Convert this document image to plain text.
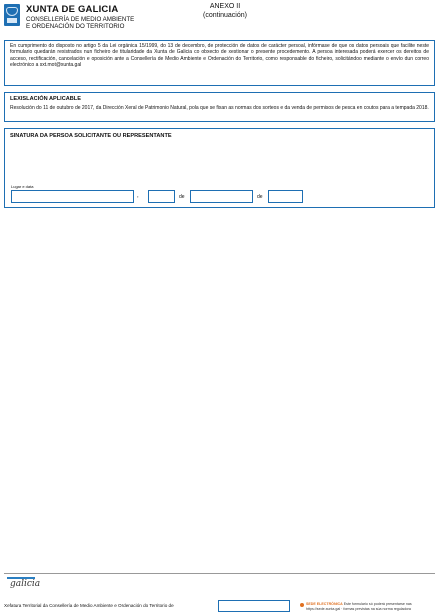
XUNTA DE GALICIA
CONSELLERÍA DE MEDIO AMBIENTE
E ORDENACIÓN DO TERRITORIO
ANEXO II
(continuación)

En cumprimento do disposto no artigo 5 da Lei orgánica 15/1999, do 13 de decembro, de protección de datos de carácter persoal, infórmase de que os datos persoais que facilite neste formulario quedarán rexistrados nun ficheiro de titularidade da Xunta de Galicia co obxecto de xestionar o presente procedemento. A persoa interesada poderá exercer os dereitos de acceso, rectificación, cancelación e oposición ante a Consellería de Medio Ambiente e Ordenación do Territorio, como responsable do ficheiro, solicitándoo mediante o envío dun correo electrónico a sxt.mot@xunta.gal

LEXISLACIÓN APLICABLE

Resolución do 11 de outubro de 2017, da Dirección Xeral de Patrimonio Natural, pola que se fixan as normas dos sorteos e da venda de permisos de pesca en coutos para a tempada 2018.

SINATURA DA PERSOA SOLICITANTE OU REPRESENTANTE
Lugar e data
,	de	de
galicia
Xefatura Territorial da Consellería de Medio Ambiente e Ordenación do Territorio de	SEDE ELECTRÓNICA Este formulario só poderá presentarse nas
https://sede.xunta.gal · formas previstas na súa norma reguladora
